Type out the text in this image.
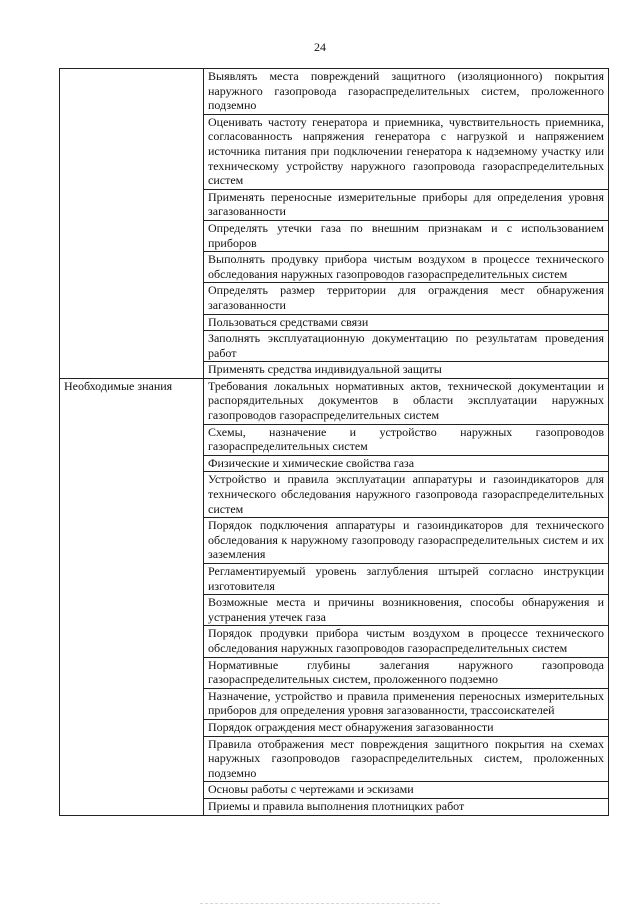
24

	Выявлять места повреждений защитного (изоляционного) покрытия наружного газопровода газораспределительных систем, проложенного подземно

	Оценивать частоту генератора и приемника, чувствительность приемника, согласованность напряжения генератора с нагрузкой и напряжением источника питания при подключении генератора к надземному участку или техническому устройству наружного газопровода газораспределительных систем

	Применять переносные измерительные приборы для определения уровня загазованности

	Определять утечки газа по внешним признакам и с использованием приборов

	Выполнять продувку прибора чистым воздухом в процессе технического обследования наружных газопроводов газораспределительных систем

	Определять размер территории для ограждения мест обнаружения загазованности

	Пользоваться средствами связи

	Заполнять эксплуатационную документацию по результатам проведения работ

	Применять средства индивидуальной защиты

Необходимые знания	Требования локальных нормативных актов, технической документации и распорядительных документов в области эксплуатации наружных газопроводов газораспределительных систем

	Схемы, назначение и устройство наружных газопроводов газораспределительных систем

	Физические и химические свойства газа

	Устройство и правила эксплуатации аппаратуры и газоиндикаторов для технического обследования наружного газопровода газораспределительных систем

	Порядок подключения аппаратуры и газоиндикаторов для технического обследования к наружному газопроводу газораспределительных систем и их заземления

	Регламентируемый уровень заглубления штырей согласно инструкции изготовителя

	Возможные места и причины возникновения, способы обнаружения и устранения утечек газа

	Порядок продувки прибора чистым воздухом в процессе технического обследования наружных газопроводов газораспределительных систем

	Нормативные глубины залегания наружного газопровода газораспределительных систем, проложенного подземно

	Назначение, устройство и правила применения переносных измерительных приборов для определения уровня загазованности, трассоискателей

	Порядок ограждения мест обнаружения загазованности

	Правила отображения мест повреждения защитного покрытия на схемах наружных газопроводов газораспределительных систем, проложенных подземно

	Основы работы с чертежами и эскизами

	Приемы и правила выполнения плотницких работ
